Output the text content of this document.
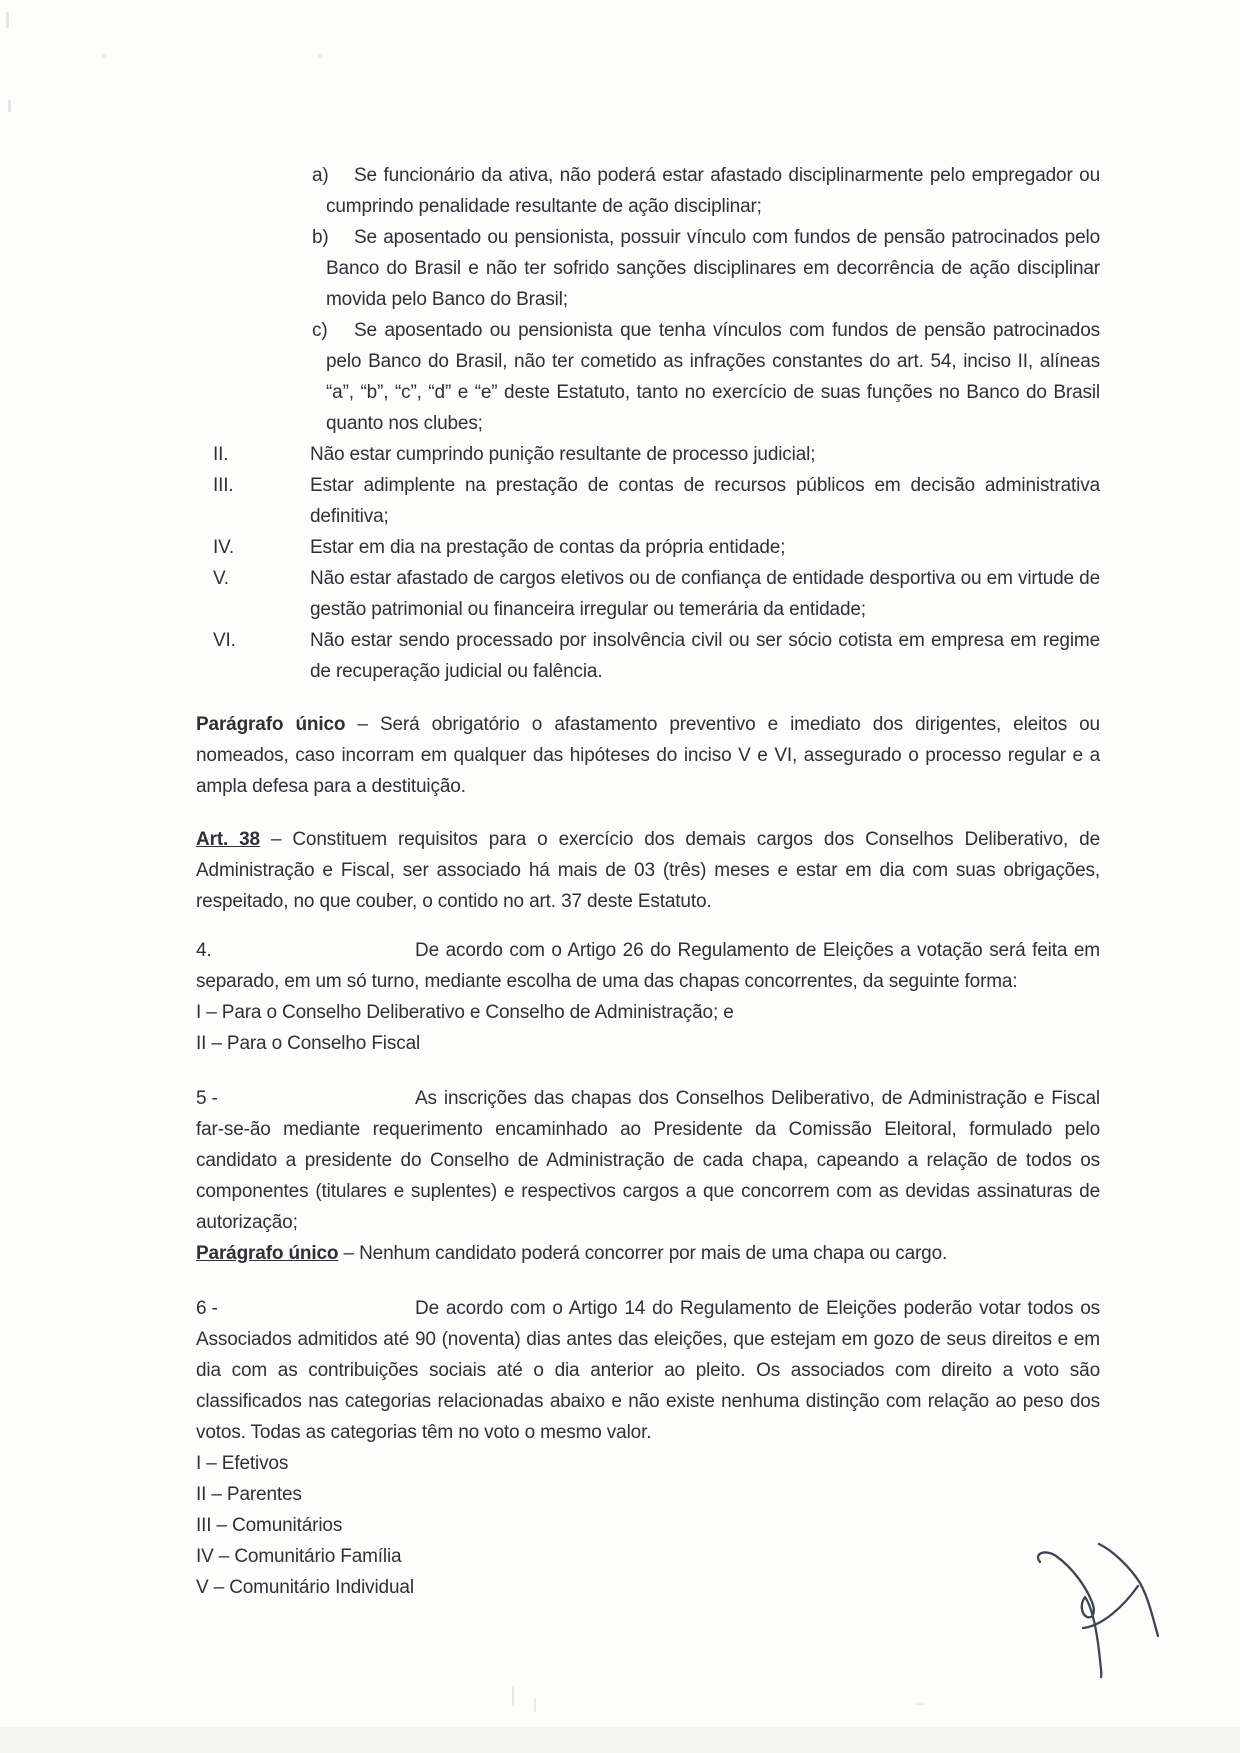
a)	Se funcionário da ativa, não poderá estar afastado disciplinarmente pelo empregador ou cumprindo penalidade resultante de ação disciplinar;
b)	Se aposentado ou pensionista, possuir vínculo com fundos de pensão patrocinados pelo Banco do Brasil e não ter sofrido sanções disciplinares em decorrência de ação disciplinar movida pelo Banco do Brasil;
c)	Se aposentado ou pensionista que tenha vínculos com fundos de pensão patrocinados pelo Banco do Brasil, não ter cometido as infrações constantes do art. 54, inciso II, alíneas “a”, “b”, “c”, “d” e “e” deste Estatuto, tanto no exercício de suas funções no Banco do Brasil quanto nos clubes;
II.	Não estar cumprindo punição resultante de processo judicial;
III.	Estar adimplente na prestação de contas de recursos públicos em decisão administrativa definitiva;
IV.	Estar em dia na prestação de contas da própria entidade;
V.	Não estar afastado de cargos eletivos ou de confiança de entidade desportiva ou em virtude de gestão patrimonial ou financeira irregular ou temerária da entidade;
VI.	Não estar sendo processado por insolvência civil ou ser sócio cotista em empresa em regime de recuperação judicial ou falência.

Parágrafo único – Será obrigatório o afastamento preventivo e imediato dos dirigentes, eleitos ou nomeados, caso incorram em qualquer das hipóteses do inciso V e VI, assegurado o processo regular e a ampla defesa para a destituição.

Art. 38 – Constituem requisitos para o exercício dos demais cargos dos Conselhos Deliberativo, de Administração e Fiscal, ser associado há mais de 03 (três) meses e estar em dia com suas obrigações, respeitado, no que couber, o contido no art. 37 deste Estatuto.

4.	De acordo com o Artigo 26 do Regulamento de Eleições a votação será feita em separado, em um só turno, mediante escolha de uma das chapas concorrentes, da seguinte forma:

I – Para o Conselho Deliberativo e Conselho de Administração; e
II – Para o Conselho Fiscal

5 -	As inscrições das chapas dos Conselhos Deliberativo, de Administração e Fiscal far-se-ão mediante requerimento encaminhado ao Presidente da Comissão Eleitoral, formulado pelo candidato a presidente do Conselho de Administração de cada chapa, capeando a relação de todos os componentes (titulares e suplentes) e respectivos cargos a que concorrem com as devidas assinaturas de autorização;

Parágrafo único – Nenhum candidato poderá concorrer por mais de uma chapa ou cargo.

6 -	De acordo com o Artigo 14 do Regulamento de Eleições poderão votar todos os Associados admitidos até 90 (noventa) dias antes das eleições, que estejam em gozo de seus direitos e em dia com as contribuições sociais até o dia anterior ao pleito. Os associados com direito a voto são classificados nas categorias relacionadas abaixo e não existe nenhuma distinção com relação ao peso dos votos. Todas as categorias têm no voto o mesmo valor.

I – Efetivos
II – Parentes
III – Comunitários
IV – Comunitário Família
V – Comunitário Individual
